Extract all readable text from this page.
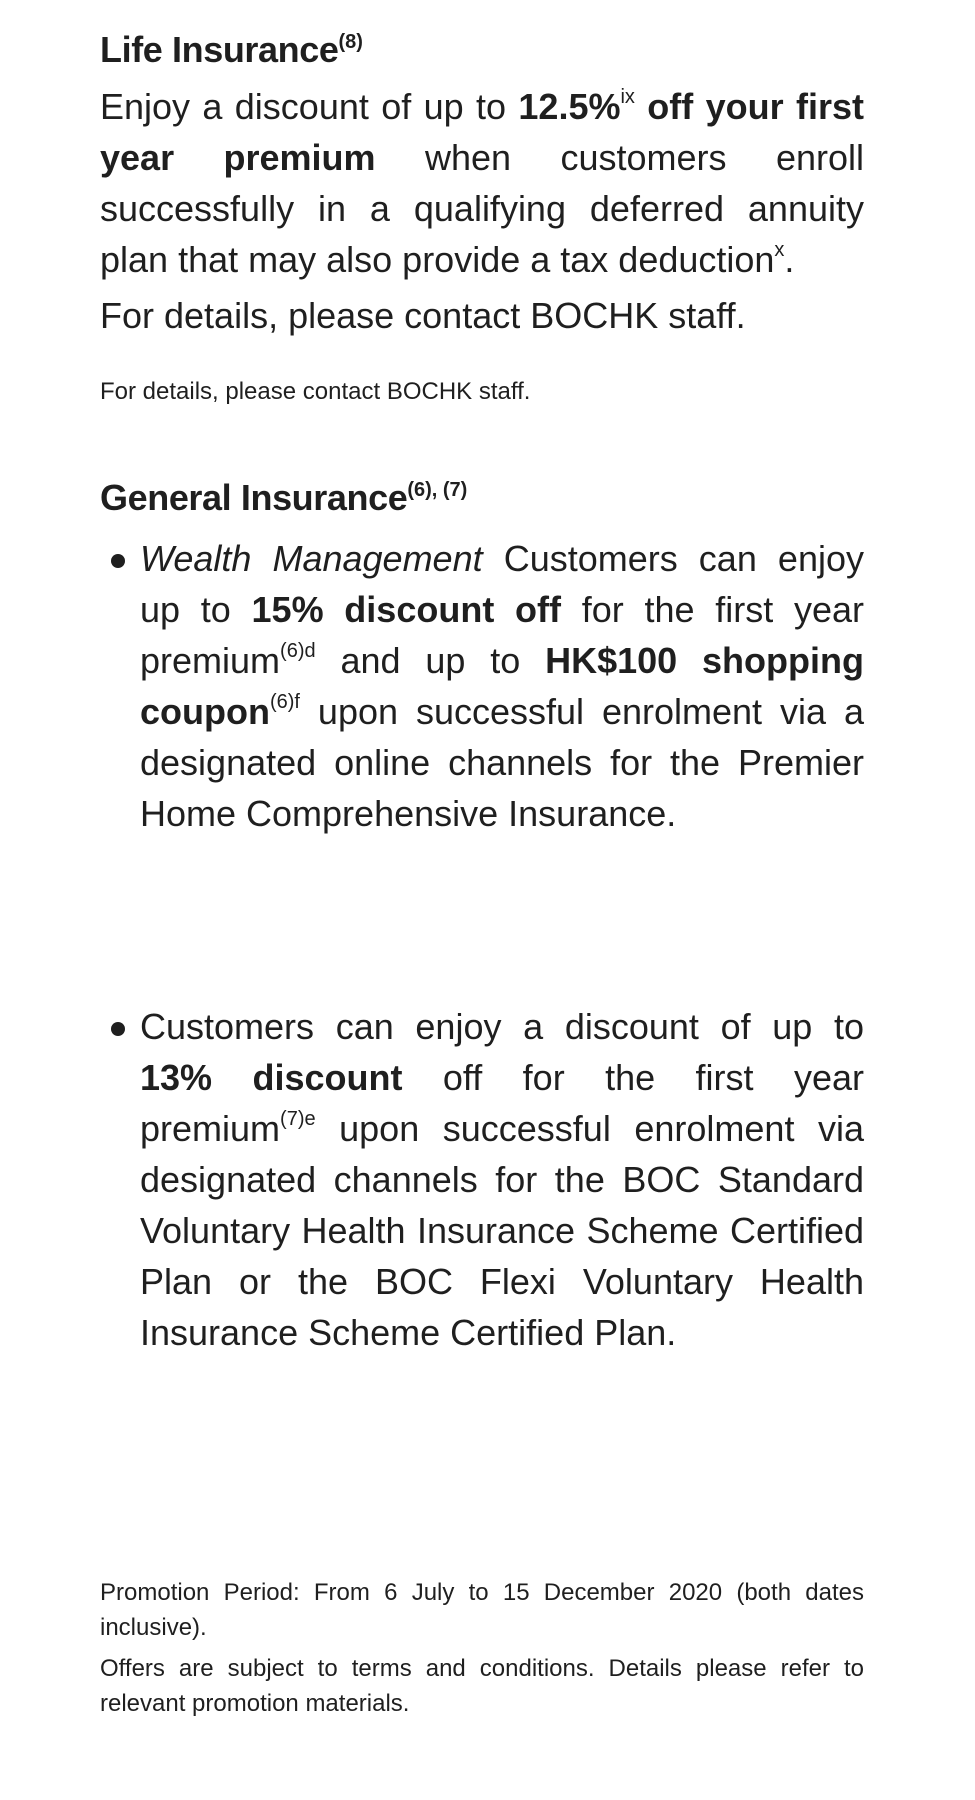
Life Insurance$^{(8)}$

Enjoy a discount of up to 12.5%$^{ix}$ off your first year premium when customers enroll successfully in a qualifying deferred annuity plan that may also provide a tax deduction$^x$.

For details, please contact BOCHK staff.

For details, please contact BOCHK staff.

General Insurance$^{(6), (7)}$
Wealth Management Customers can enjoy up to 15% discount off for the first year premium$^{(6)d}$ and up to HK$100 shopping coupon$^{(6)f}$ upon successful enrolment via a designated online channels for the Premier Home Comprehensive Insurance.
Customers can enjoy a discount of up to 13% discount off for the first year premium$^{(7)e}$ upon successful enrolment via designated channels for the BOC Standard Voluntary Health Insurance Scheme Certified Plan or the BOC Flexi Voluntary Health Insurance Scheme Certified Plan.

Promotion Period: From 6 July to 15 December 2020 (both dates inclusive).

Offers are subject to terms and conditions. Details please refer to relevant promotion materials.
